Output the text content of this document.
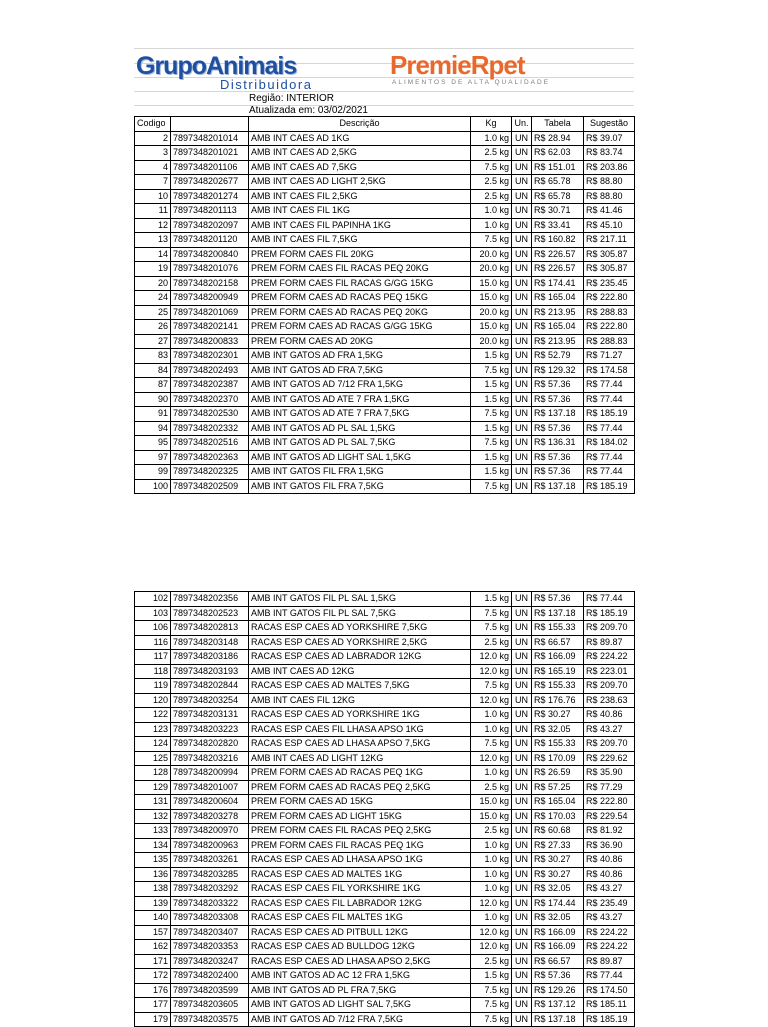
GrupoAnimais
Distribuidora
PremieRpet
ALIMENTOS DE ALTA QUALIDADE
Região: INTERIOR
Atualizada em: 03/02/2021
Codigo		Descrição	Kg	Un.	Tabela	Sugestão
2	7897348201014	AMB INT CAES AD 1KG	1.0 kg	UN	R$ 28.94	R$ 39.07
3	7897348201021	AMB INT CAES AD 2,5KG	2.5 kg	UN	R$ 62.03	R$ 83.74
4	7897348201106	AMB INT CAES AD 7,5KG	7.5 kg	UN	R$ 151.01	R$ 203.86
7	7897348202677	AMB INT CAES AD LIGHT 2,5KG	2.5 kg	UN	R$ 65.78	R$ 88.80
10	7897348201274	AMB INT CAES FIL 2,5KG	2.5 kg	UN	R$ 65.78	R$ 88.80
11	7897348201113	AMB INT CAES FIL 1KG	1.0 kg	UN	R$ 30.71	R$ 41.46
12	7897348202097	AMB INT CAES FIL PAPINHA 1KG	1.0 kg	UN	R$ 33.41	R$ 45.10
13	7897348201120	AMB INT CAES FIL 7,5KG	7.5 kg	UN	R$ 160.82	R$ 217.11
14	7897348200840	PREM FORM CAES FIL 20KG	20.0 kg	UN	R$ 226.57	R$ 305.87
19	7897348201076	PREM FORM CAES FIL RACAS PEQ 20KG	20.0 kg	UN	R$ 226.57	R$ 305.87
20	7897348202158	PREM FORM CAES FIL RACAS G/GG 15KG	15.0 kg	UN	R$ 174.41	R$ 235.45
24	7897348200949	PREM FORM CAES AD RACAS PEQ 15KG	15.0 kg	UN	R$ 165.04	R$ 222.80
25	7897348201069	PREM FORM CAES AD RACAS PEQ 20KG	20.0 kg	UN	R$ 213.95	R$ 288.83
26	7897348202141	PREM FORM CAES AD RACAS G/GG 15KG	15.0 kg	UN	R$ 165.04	R$ 222.80
27	7897348200833	PREM FORM CAES AD 20KG	20.0 kg	UN	R$ 213.95	R$ 288.83
83	7897348202301	AMB INT GATOS AD FRA 1,5KG	1.5 kg	UN	R$ 52.79	R$ 71.27
84	7897348202493	AMB INT GATOS AD FRA 7,5KG	7.5 kg	UN	R$ 129.32	R$ 174.58
87	7897348202387	AMB INT GATOS AD 7/12 FRA 1,5KG	1.5 kg	UN	R$ 57.36	R$ 77.44
90	7897348202370	AMB INT GATOS AD ATE 7 FRA 1,5KG	1.5 kg	UN	R$ 57.36	R$ 77.44
91	7897348202530	AMB INT GATOS AD ATE 7 FRA 7,5KG	7.5 kg	UN	R$ 137.18	R$ 185.19
94	7897348202332	AMB INT GATOS AD PL SAL 1,5KG	1.5 kg	UN	R$ 57.36	R$ 77.44
95	7897348202516	AMB INT GATOS AD PL SAL 7,5KG	7.5 kg	UN	R$ 136.31	R$ 184.02
97	7897348202363	AMB INT GATOS AD LIGHT SAL 1,5KG	1.5 kg	UN	R$ 57.36	R$ 77.44
99	7897348202325	AMB INT GATOS FIL FRA 1,5KG	1.5 kg	UN	R$ 57.36	R$ 77.44
100	7897348202509	AMB INT GATOS FIL FRA 7,5KG	7.5 kg	UN	R$ 137.18	R$ 185.19
102	7897348202356	AMB INT GATOS FIL PL SAL 1,5KG	1.5 kg	UN	R$ 57.36	R$ 77.44
103	7897348202523	AMB INT GATOS FIL PL SAL 7,5KG	7.5 kg	UN	R$ 137.18	R$ 185.19
106	7897348202813	RACAS ESP CAES AD YORKSHIRE 7,5KG	7.5 kg	UN	R$ 155.33	R$ 209.70
116	7897348203148	RACAS ESP CAES AD YORKSHIRE 2,5KG	2.5 kg	UN	R$ 66.57	R$ 89.87
117	7897348203186	RACAS ESP CAES AD LABRADOR 12KG	12.0 kg	UN	R$ 166.09	R$ 224.22
118	7897348203193	AMB INT CAES AD 12KG	12.0 kg	UN	R$ 165.19	R$ 223.01
119	7897348202844	RACAS ESP CAES AD MALTES 7,5KG	7.5 kg	UN	R$ 155.33	R$ 209.70
120	7897348203254	AMB INT CAES FIL 12KG	12.0 kg	UN	R$ 176.76	R$ 238.63
122	7897348203131	RACAS ESP CAES AD YORKSHIRE 1KG	1.0 kg	UN	R$ 30.27	R$ 40.86
123	7897348203223	RACAS ESP CAES FIL LHASA APSO 1KG	1.0 kg	UN	R$ 32.05	R$ 43.27
124	7897348202820	RACAS ESP CAES AD LHASA APSO 7,5KG	7.5 kg	UN	R$ 155.33	R$ 209.70
125	7897348203216	AMB INT CAES AD LIGHT 12KG	12.0 kg	UN	R$ 170.09	R$ 229.62
128	7897348200994	PREM FORM CAES AD RACAS PEQ 1KG	1.0 kg	UN	R$ 26.59	R$ 35.90
129	7897348201007	PREM FORM CAES AD RACAS PEQ 2,5KG	2.5 kg	UN	R$ 57.25	R$ 77.29
131	7897348200604	PREM FORM CAES AD 15KG	15.0 kg	UN	R$ 165.04	R$ 222.80
132	7897348203278	PREM FORM CAES AD LIGHT 15KG	15.0 kg	UN	R$ 170.03	R$ 229.54
133	7897348200970	PREM FORM CAES FIL RACAS PEQ 2,5KG	2.5 kg	UN	R$ 60.68	R$ 81.92
134	7897348200963	PREM FORM CAES FIL RACAS PEQ 1KG	1.0 kg	UN	R$ 27.33	R$ 36.90
135	7897348203261	RACAS ESP CAES AD LHASA APSO 1KG	1.0 kg	UN	R$ 30.27	R$ 40.86
136	7897348203285	RACAS ESP CAES AD MALTES 1KG	1.0 kg	UN	R$ 30.27	R$ 40.86
138	7897348203292	RACAS ESP CAES FIL YORKSHIRE 1KG	1.0 kg	UN	R$ 32.05	R$ 43.27
139	7897348203322	RACAS ESP CAES FIL LABRADOR 12KG	12.0 kg	UN	R$ 174.44	R$ 235.49
140	7897348203308	RACAS ESP CAES FIL MALTES 1KG	1.0 kg	UN	R$ 32.05	R$ 43.27
157	7897348203407	RACAS ESP CAES AD PITBULL 12KG	12.0 kg	UN	R$ 166.09	R$ 224.22
162	7897348203353	RACAS ESP CAES AD BULLDOG 12KG	12.0 kg	UN	R$ 166.09	R$ 224.22
171	7897348203247	RACAS ESP CAES AD LHASA APSO 2,5KG	2.5 kg	UN	R$ 66.57	R$ 89.87
172	7897348202400	AMB INT GATOS AD AC 12 FRA 1,5KG	1.5 kg	UN	R$ 57.36	R$ 77.44
176	7897348203599	AMB INT GATOS AD PL FRA 7,5KG	7.5 kg	UN	R$ 129.26	R$ 174.50
177	7897348203605	AMB INT GATOS AD LIGHT SAL 7,5KG	7.5 kg	UN	R$ 137.12	R$ 185.11
179	7897348203575	AMB INT GATOS AD 7/12 FRA 7,5KG	7.5 kg	UN	R$ 137.18	R$ 185.19
